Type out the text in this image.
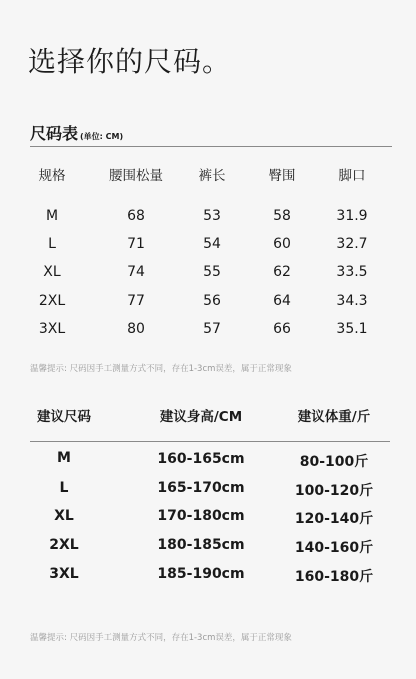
选择你的尺码。
尺码表 (单位: CM)
规格	腰围松量	裤长	臀围	脚口
M	68	53	58	31.9
L	71	54	60	32.7
XL	74	55	62	33.5
2XL	77	56	64	34.3
3XL	80	57	66	35.1
温馨提示: 尺码因手工测量方式不同，存在1-3cm误差，属于正常现象
建议尺码	建议身高/CM	建议体重/斤
M	160-165cm	80-100斤
L	165-170cm	100-120斤
XL	170-180cm	120-140斤
2XL	180-185cm	140-160斤
3XL	185-190cm	160-180斤
温馨提示: 尺码因手工测量方式不同，存在1-3cm误差，属于正常现象
